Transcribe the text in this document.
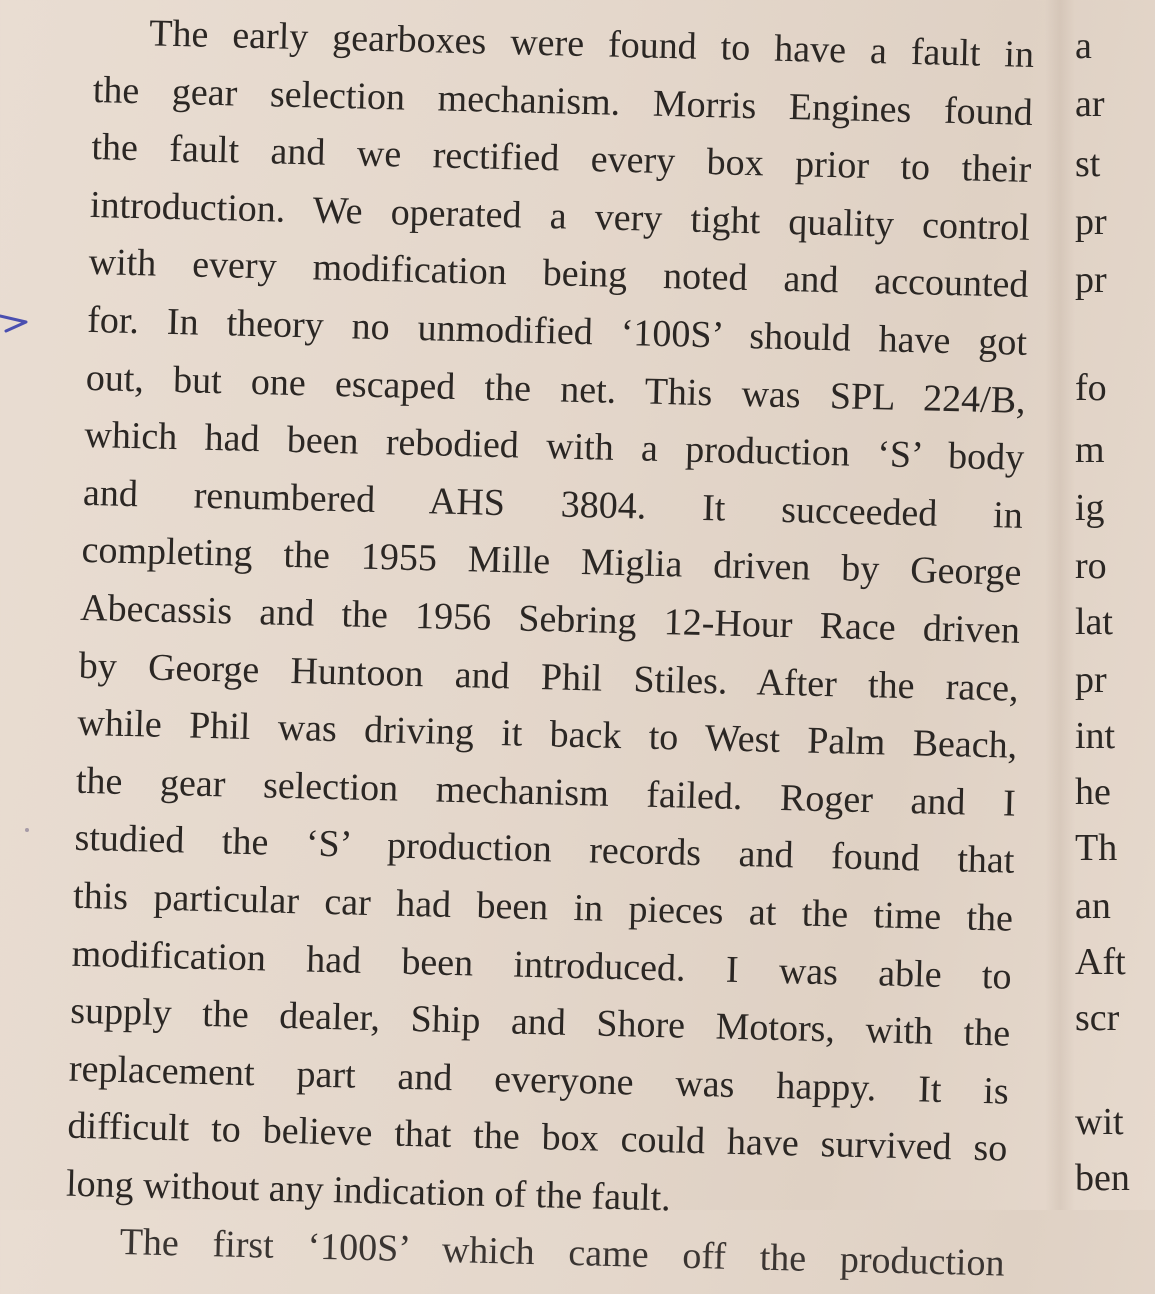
The early gearboxes were found to have a fault in
the gear selection mechanism. Morris Engines found
the fault and we rectified every box prior to their
introduction. We operated a very tight quality control
with every modification being noted and accounted
for. In theory no unmodified ‘100S’ should have got
out, but one escaped the net. This was SPL 224/B,
which had been rebodied with a production ‘S’ body
and renumbered AHS 3804. It succeeded in
completing the 1955 Mille Miglia driven by George
Abecassis and the 1956 Sebring 12-Hour Race driven
by George Huntoon and Phil Stiles. After the race,
while Phil was driving it back to West Palm Beach,
the gear selection mechanism failed. Roger and I
studied the ‘S’ production records and found that
this particular car had been in pieces at the time the
modification had been introduced. I was able to
supply the dealer, Ship and Shore Motors, with the
replacement part and everyone was happy. It is
difficult to believe that the box could have survived so
long without any indication of the fault.
The first ‘100S’ which came off the production
a
ar
st
pr
pr
fo
m
ig
ro
lat
pr
int
he
Th
an
Aft
scr
wit
ben
